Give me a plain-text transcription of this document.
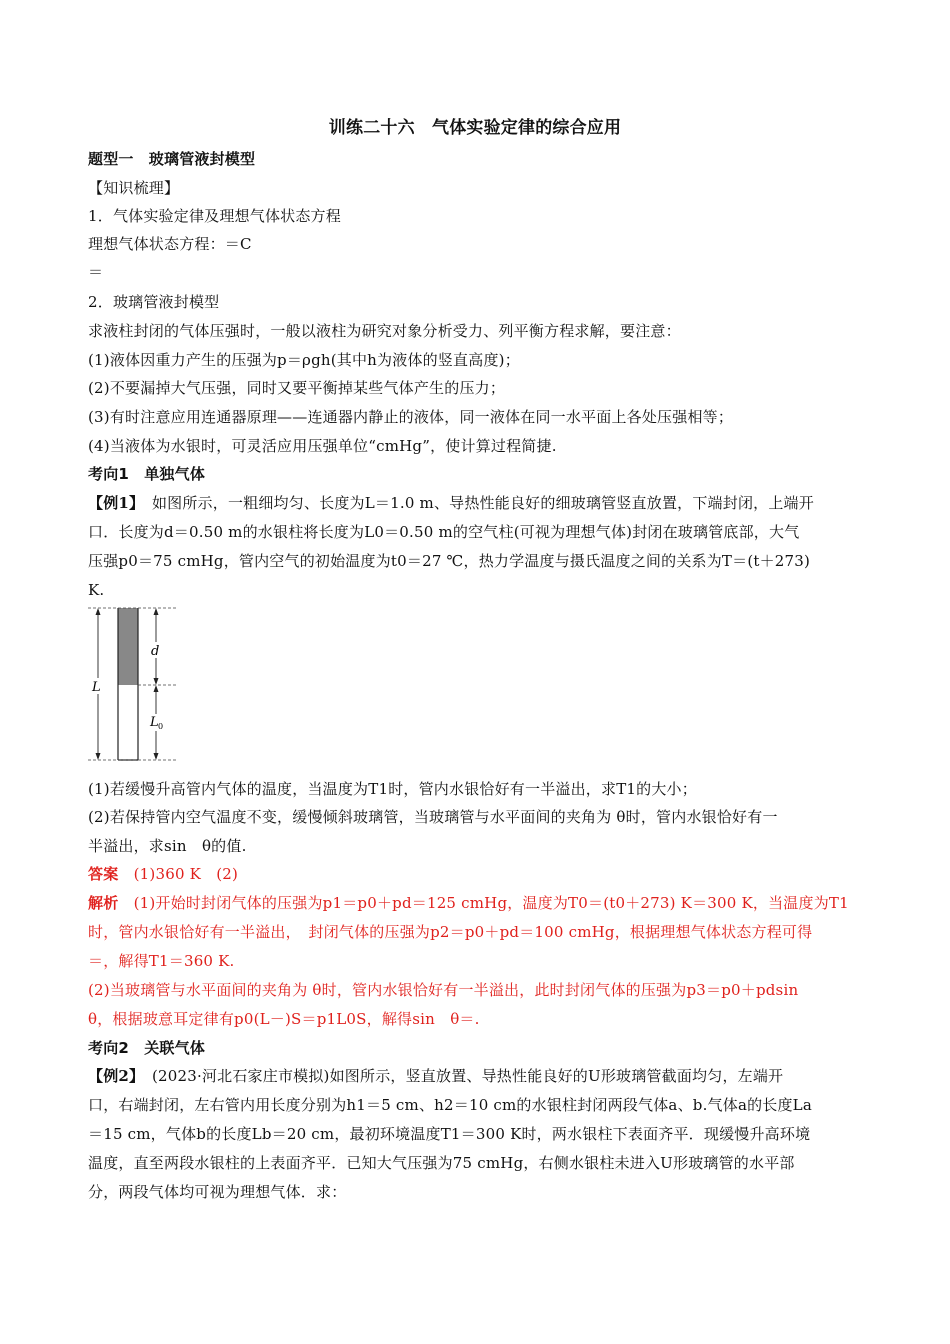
训练二十六　气体实验定律的综合应用
题型一　玻璃管液封模型
【知识梳理】
1．气体实验定律及理想气体状态方程
理想气体状态方程：＝C
＝
2．玻璃管液封模型
求液柱封闭的气体压强时，一般以液柱为研究对象分析受力、列平衡方程求解，要注意：
(1)液体因重力产生的压强为p＝ρgh(其中h为液体的竖直高度)；
(2)不要漏掉大气压强，同时又要平衡掉某些气体产生的压力；
(3)有时注意应用连通器原理——连通器内静止的液体，同一液体在同一水平面上各处压强相等；
(4)当液体为水银时，可灵活应用压强单位“cmHg”，使计算过程简捷.
考向1　单独气体
【例1】　如图所示，一粗细均匀、长度为L＝1.0 m、导热性能良好的细玻璃管竖直放置，下端封闭，上端开
口．长度为d＝0.50 m的水银柱将长度为L0＝0.50 m的空气柱(可视为理想气体)封闭在玻璃管底部，大气
压强p0＝75 cmHg，管内空气的初始温度为t0＝27 ℃，热力学温度与摄氏温度之间的关系为T＝(t＋273)
K.
L
d
L 0
(1)若缓慢升高管内气体的温度，当温度为T1时，管内水银恰好有一半溢出，求T1的大小；
(2)若保持管内空气温度不变，缓慢倾斜玻璃管，当玻璃管与水平面间的夹角为 θ时，管内水银恰好有一
半溢出，求sin　θ的值.
答案　(1)360 K　(2)
解析　(1)开始时封闭气体的压强为p1＝p0＋pd＝125 cmHg，温度为T0＝(t0＋273) K＝300 K，当温度为T1
时，管内水银恰好有一半溢出，　封闭气体的压强为p2＝p0＋pd＝100 cmHg，根据理想气体状态方程可得
＝，解得T1＝360 K.
(2)当玻璃管与水平面间的夹角为 θ时，管内水银恰好有一半溢出，此时封闭气体的压强为p3＝p0＋pdsin
θ，根据玻意耳定律有p0(L－)S＝p1L0S，解得sin　θ＝.
考向2　关联气体
【例2】　(2023·河北石家庄市模拟)如图所示，竖直放置、导热性能良好的U形玻璃管截面均匀，左端开
口，右端封闭，左右管内用长度分别为h1＝5 cm、h2＝10 cm的水银柱封闭两段气体a、b.气体a的长度La
＝15 cm，气体b的长度Lb＝20 cm，最初环境温度T1＝300 K时，两水银柱下表面齐平．现缓慢升高环境
温度，直至两段水银柱的上表面齐平．已知大气压强为75 cmHg，右侧水银柱未进入U形玻璃管的水平部
分，两段气体均可视为理想气体．求：
